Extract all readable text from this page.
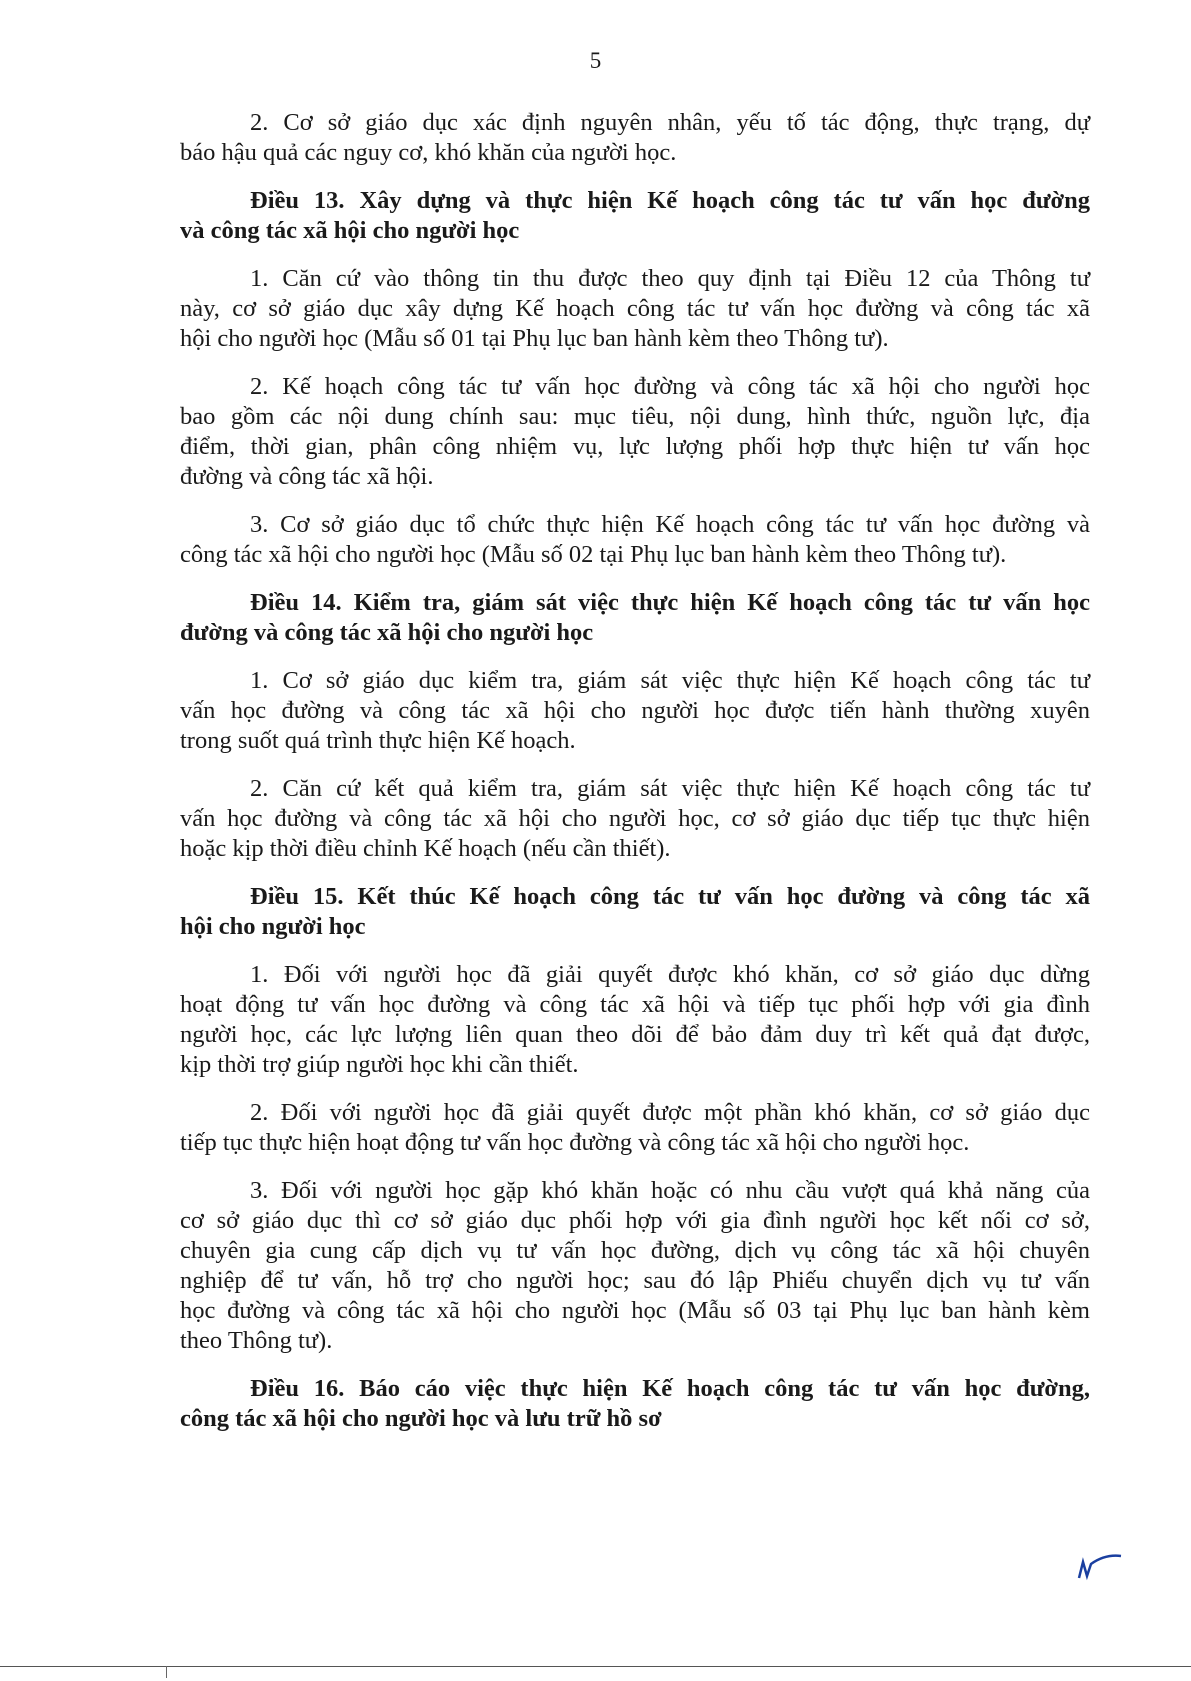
5
2. Cơ sở giáo dục xác định nguyên nhân, yếu tố tác động, thực trạng, dự
báo hậu quả các nguy cơ, khó khăn của người học.
Điều 13. Xây dựng và thực hiện Kế hoạch công tác tư vấn học đường
và công tác xã hội cho người học
1. Căn cứ vào thông tin thu được theo quy định tại Điều 12 của Thông tư
này, cơ sở giáo dục xây dựng Kế hoạch công tác tư vấn học đường và công tác xã
hội cho người học (Mẫu số 01 tại Phụ lục ban hành kèm theo Thông tư).
2. Kế hoạch công tác tư vấn học đường và công tác xã hội cho người học
bao gồm các nội dung chính sau: mục tiêu, nội dung, hình thức, nguồn lực, địa
điểm, thời gian, phân công nhiệm vụ, lực lượng phối hợp thực hiện tư vấn học
đường và công tác xã hội.
3. Cơ sở giáo dục tổ chức thực hiện Kế hoạch công tác tư vấn học đường và
công tác xã hội cho người học (Mẫu số 02 tại Phụ lục ban hành kèm theo Thông tư).
Điều 14. Kiểm tra, giám sát việc thực hiện Kế hoạch công tác tư vấn học
đường và công tác xã hội cho người học
1. Cơ sở giáo dục kiểm tra, giám sát việc thực hiện Kế hoạch công tác tư
vấn học đường và công tác xã hội cho người học được tiến hành thường xuyên
trong suốt quá trình thực hiện Kế hoạch.
2. Căn cứ kết quả kiểm tra, giám sát việc thực hiện Kế hoạch công tác tư
vấn học đường và công tác xã hội cho người học, cơ sở giáo dục tiếp tục thực hiện
hoặc kịp thời điều chỉnh Kế hoạch (nếu cần thiết).
Điều 15. Kết thúc Kế hoạch công tác tư vấn học đường và công tác xã
hội cho người học
1. Đối với người học đã giải quyết được khó khăn, cơ sở giáo dục dừng
hoạt động tư vấn học đường và công tác xã hội và tiếp tục phối hợp với gia đình
người học, các lực lượng liên quan theo dõi để bảo đảm duy trì kết quả đạt được,
kịp thời trợ giúp người học khi cần thiết.
2. Đối với người học đã giải quyết được một phần khó khăn, cơ sở giáo dục
tiếp tục thực hiện hoạt động tư vấn học đường và công tác xã hội cho người học.
3. Đối với người học gặp khó khăn hoặc có nhu cầu vượt quá khả năng của
cơ sở giáo dục thì cơ sở giáo dục phối hợp với gia đình người học kết nối cơ sở,
chuyên gia cung cấp dịch vụ tư vấn học đường, dịch vụ công tác xã hội chuyên
nghiệp để tư vấn, hỗ trợ cho người học; sau đó lập Phiếu chuyển dịch vụ tư vấn
học đường và công tác xã hội cho người học (Mẫu số 03 tại Phụ lục ban hành kèm
theo Thông tư).
Điều 16. Báo cáo việc thực hiện Kế hoạch công tác tư vấn học đường,
công tác xã hội cho người học và lưu trữ hồ sơ
